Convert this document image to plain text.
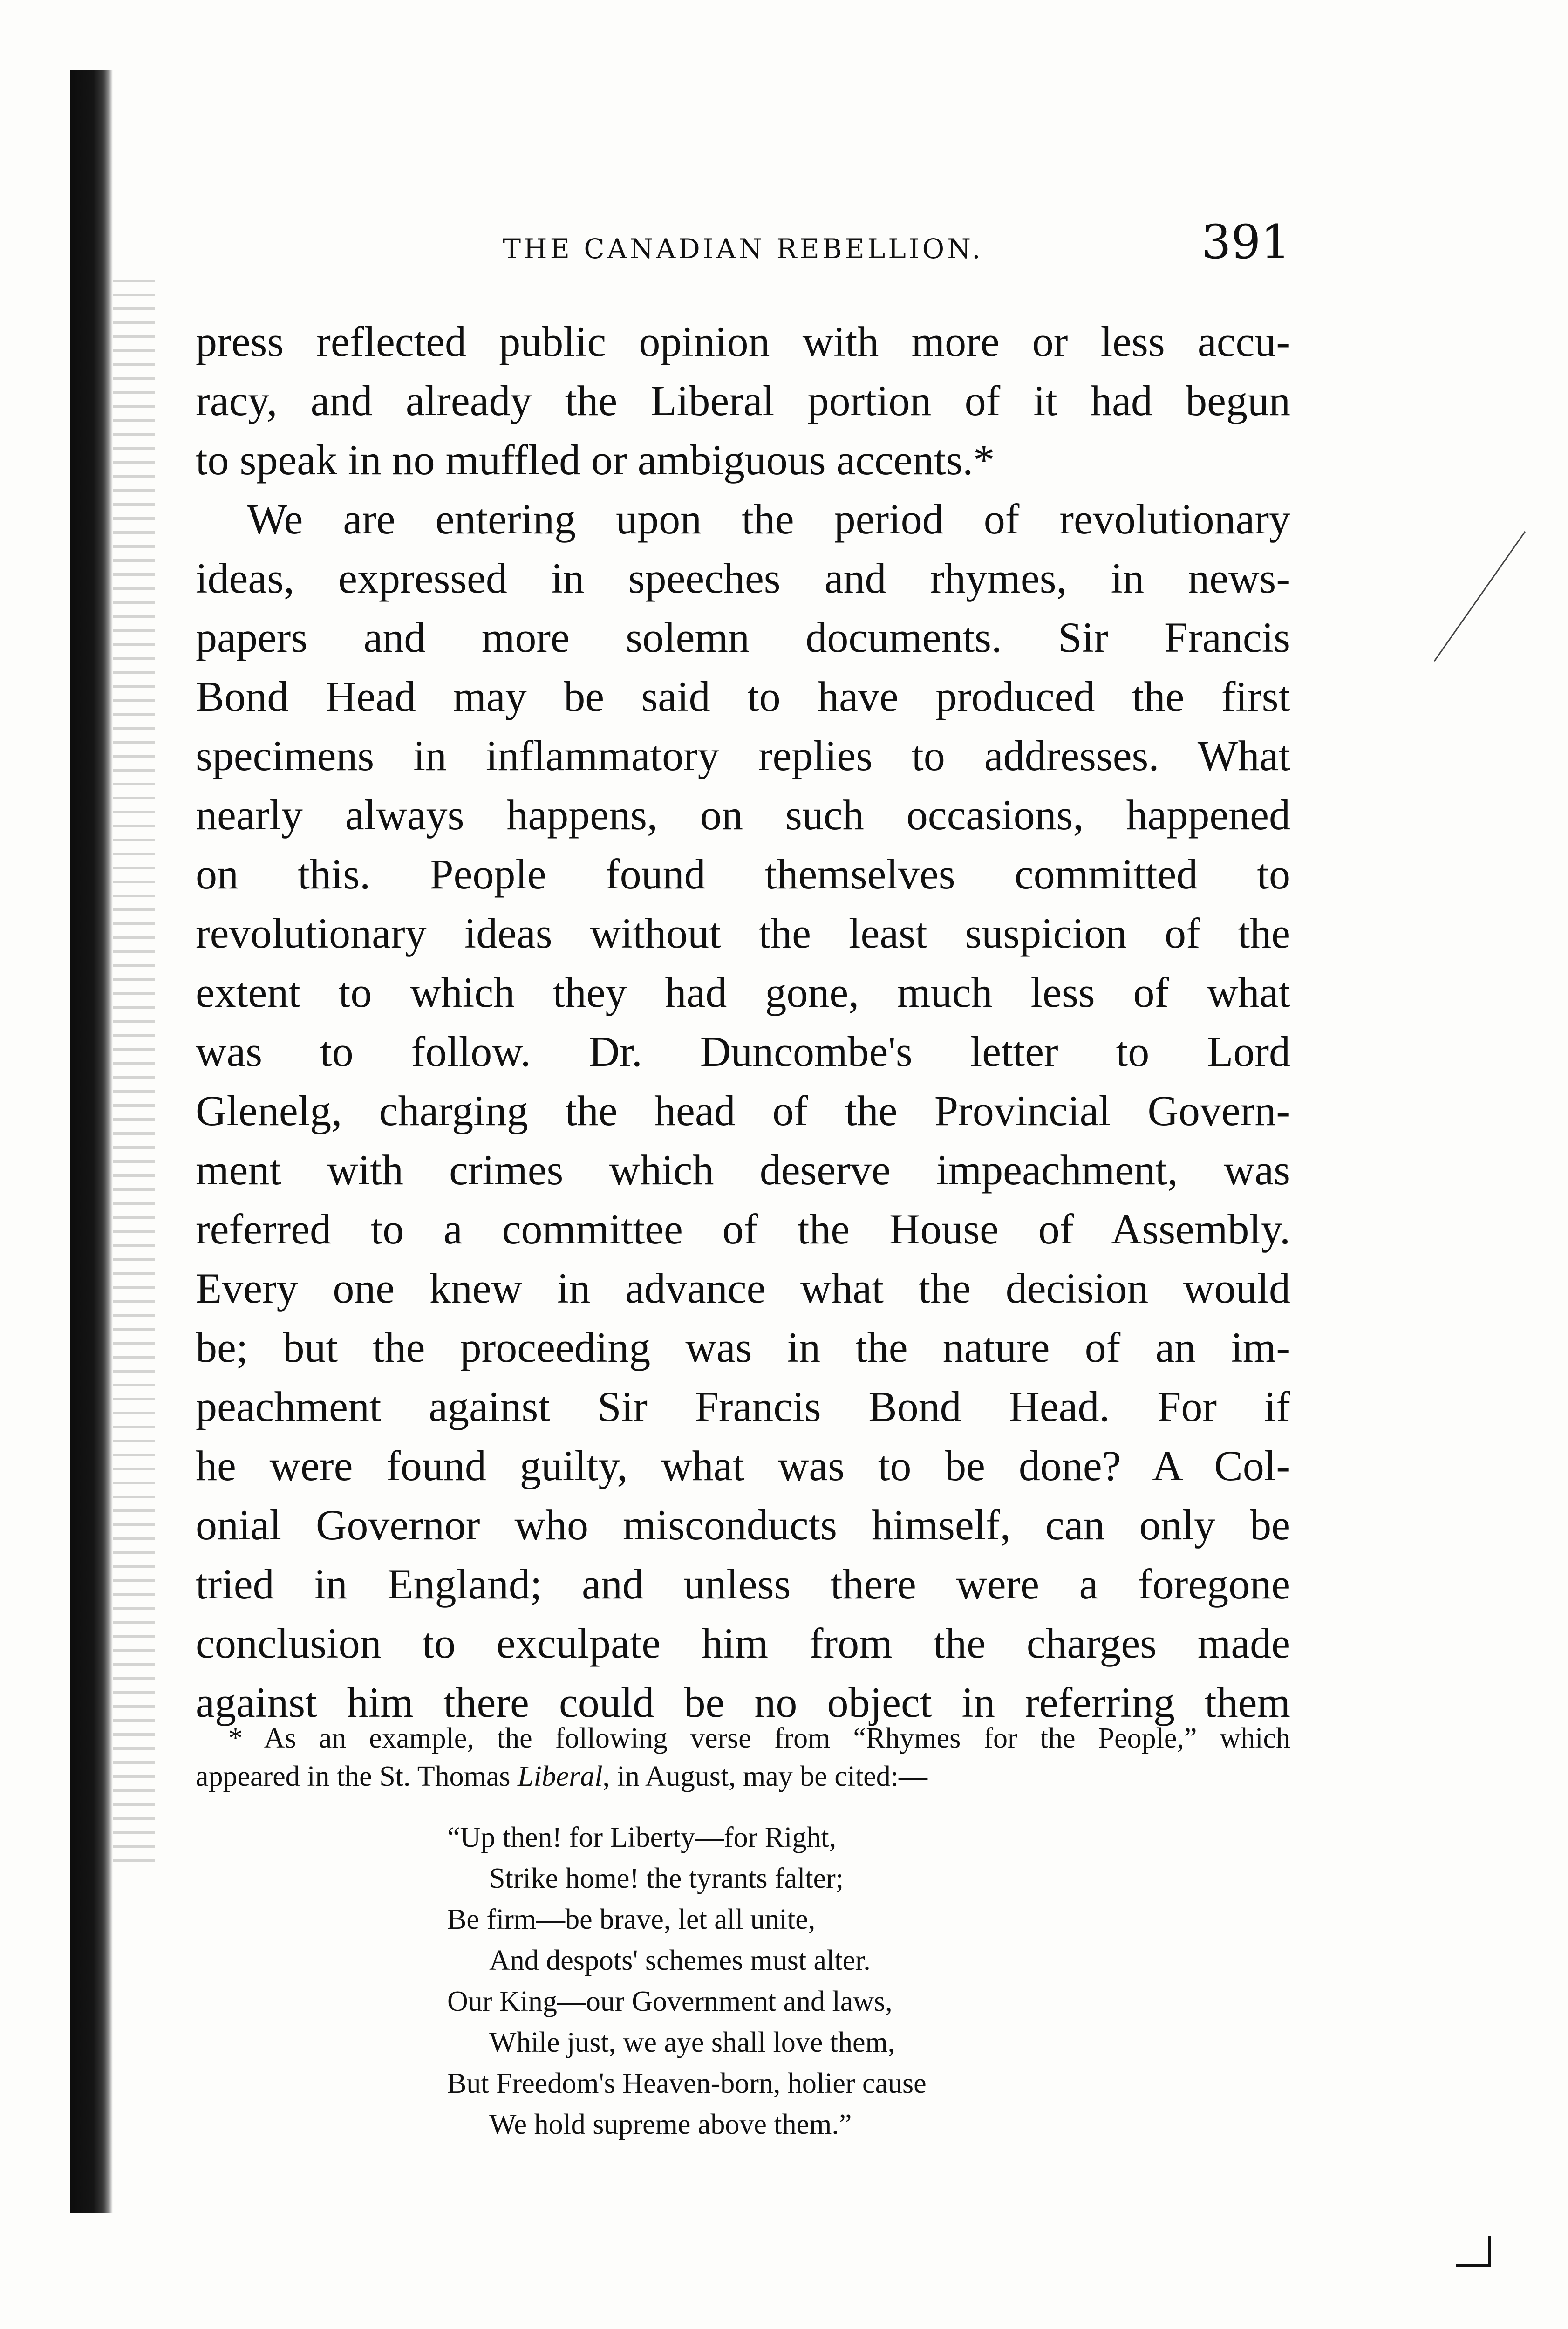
THE CANADIAN REBELLION.	391
press reflected public opinion with more or less accu-
racy, and already the Liberal portion of it had begun
to speak in no muffled or ambiguous accents.*
We are entering upon the period of revolutionary
ideas, expressed in speeches and rhymes, in news-
papers and more solemn documents. Sir Francis
Bond Head may be said to have produced the first
specimens in inflammatory replies to addresses. What
nearly always happens, on such occasions, happened
on this. People found themselves committed to
revolutionary ideas without the least suspicion of the
extent to which they had gone, much less of what
was to follow. Dr. Duncombe's letter to Lord
Glenelg, charging the head of the Provincial Govern-
ment with crimes which deserve impeachment, was
referred to a committee of the House of Assembly.
Every one knew in advance what the decision would
be; but the proceeding was in the nature of an im-
peachment against Sir Francis Bond Head. For if
he were found guilty, what was to be done? A Col-
onial Governor who misconducts himself, can only be
tried in England; and unless there were a foregone
conclusion to exculpate him from the charges made
against him there could be no object in referring them
* As an example, the following verse from “Rhymes for the People,” which
appeared in the St. Thomas Liberal, in August, may be cited:—
“Up then! for Liberty—for Right,
Strike home! the tyrants falter;
Be firm—be brave, let all unite,
And despots' schemes must alter.
Our King—our Government and laws,
While just, we aye shall love them,
But Freedom's Heaven-born, holier cause
We hold supreme above them.”
